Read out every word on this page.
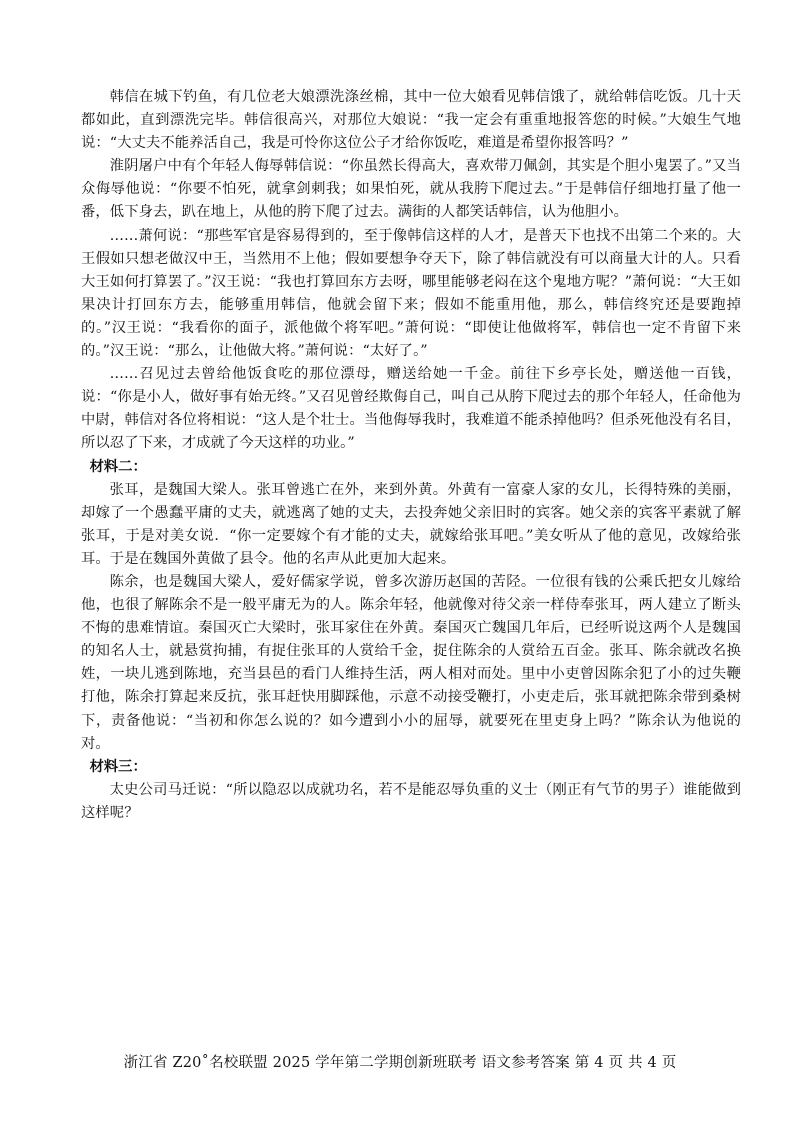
韩信在城下钓鱼，有几位老大娘漂洗涤丝棉，其中一位大娘看见韩信饿了，就给韩信吃饭。几十天都如此，直到漂洗完毕。韩信很高兴，对那位大娘说：“我一定会有重重地报答您的时候。”大娘生气地说：“大丈夫不能养活自己，我是可怜你这位公子才给你饭吃，难道是希望你报答吗？”

淮阴屠户中有个年轻人侮辱韩信说：“你虽然长得高大，喜欢带刀佩剑，其实是个胆小鬼罢了。”又当众侮辱他说：“你要不怕死，就拿剑刺我；如果怕死，就从我胯下爬过去。”于是韩信仔细地打量了他一番，低下身去，趴在地上，从他的胯下爬了过去。满街的人都笑话韩信，认为他胆小。

……萧何说：“那些军官是容易得到的，至于像韩信这样的人才，是普天下也找不出第二个来的。大王假如只想老做汉中王，当然用不上他；假如要想争夺天下，除了韩信就没有可以商量大计的人。只看大王如何打算罢了。”汉王说：“我也打算回东方去呀，哪里能够老闷在这个鬼地方呢？”萧何说：“大王如果决计打回东方去，能够重用韩信，他就会留下来；假如不能重用他，那么，韩信终究还是要跑掉的。”汉王说：“我看你的面子，派他做个将军吧。”萧何说：“即使让他做将军，韩信也一定不肯留下来的。”汉王说：“那么，让他做大将。”萧何说：“太好了。”

……召见过去曾给他饭食吃的那位漂母，赠送给她一千金。前往下乡亭长处，赠送他一百钱，说：“你是小人，做好事有始无终。”又召见曾经欺侮自己，叫自己从胯下爬过去的那个年轻人，任命他为中尉，韩信对各位将相说：“这人是个壮士。当他侮辱我时，我难道不能杀掉他吗？但杀死他没有名目，所以忍了下来，才成就了今天这样的功业。”

材料二：

张耳，是魏国大梁人。张耳曾逃亡在外，来到外黄。外黄有一富豪人家的女儿，长得特殊的美丽，却嫁了一个愚蠢平庸的丈夫，就逃离了她的丈夫，去投奔她父亲旧时的宾客。她父亲的宾客平素就了解张耳，于是对美女说．“你一定要嫁个有才能的丈夫，就嫁给张耳吧。”美女听从了他的意见，改嫁给张耳。于是在魏国外黄做了县令。他的名声从此更加大起来。

陈余，也是魏国大梁人，爱好儒家学说，曾多次游历赵国的苦陉。一位很有钱的公乘氏把女儿嫁给他，也很了解陈余不是一般平庸无为的人。陈余年轻，他就像对待父亲一样侍奉张耳，两人建立了断头不悔的患难情谊。秦国灭亡大梁时，张耳家住在外黄。秦国灭亡魏国几年后，已经听说这两个人是魏国的知名人士，就悬赏拘捕，有捉住张耳的人赏给千金，捉住陈余的人赏给五百金。张耳、陈余就改名换姓，一块儿逃到陈地，充当县邑的看门人维持生活，两人相对而处。里中小吏曾因陈余犯了小的过失鞭打他，陈余打算起来反抗，张耳赶快用脚踩他，示意不动接受鞭打，小吏走后，张耳就把陈余带到桑树下，责备他说：“当初和你怎么说的？如今遭到小小的屈辱，就要死在里吏身上吗？”陈余认为他说的对。

材料三：

太史公司马迁说：“所以隐忍以成就功名，若不是能忍辱负重的义士（刚正有气节的男子）谁能做到这样呢？

浙江省 Z20˚名校联盟 2025 学年第二学期创新班联考 语文参考答案 第 4 页 共 4 页
